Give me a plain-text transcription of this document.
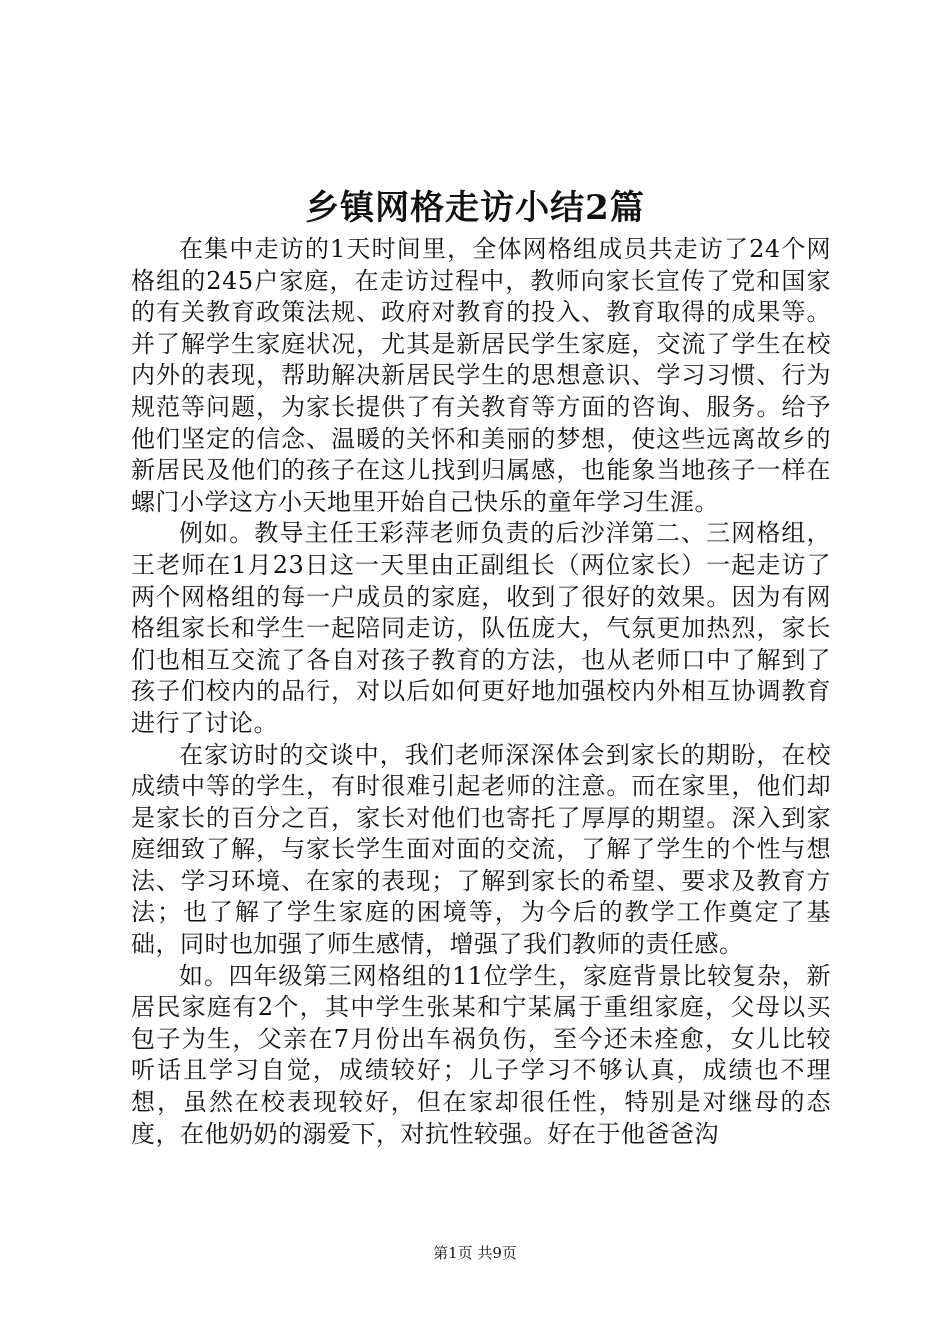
乡镇网格走访小结2篇

在集中走访的1天时间里，全体网格组成员共走访了24个网格组的245户家庭，在走访过程中，教师向家长宣传了党和国家的有关教育政策法规、政府对教育的投入、教育取得的成果等。并了解学生家庭状况，尤其是新居民学生家庭，交流了学生在校内外的表现，帮助解决新居民学生的思想意识、学习习惯、行为规范等问题，为家长提供了有关教育等方面的咨询、服务。给予他们坚定的信念、温暖的关怀和美丽的梦想，使这些远离故乡的新居民及他们的孩子在这儿找到归属感，也能象当地孩子一样在螺门小学这方小天地里开始自己快乐的童年学习生涯。

例如。教导主任王彩萍老师负责的后沙洋第二、三网格组，王老师在1月23日这一天里由正副组长（两位家长）一起走访了两个网格组的每一户成员的家庭，收到了很好的效果。因为有网格组家长和学生一起陪同走访，队伍庞大，气氛更加热烈，家长们也相互交流了各自对孩子教育的方法，也从老师口中了解到了孩子们校内的品行，对以后如何更好地加强校内外相互协调教育进行了讨论。

在家访时的交谈中，我们老师深深体会到家长的期盼，在校成绩中等的学生，有时很难引起老师的注意。而在家里，他们却是家长的百分之百，家长对他们也寄托了厚厚的期望。深入到家庭细致了解，与家长学生面对面的交流，了解了学生的个性与想法、学习环境、在家的表现；了解到家长的希望、要求及教育方法；也了解了学生家庭的困境等，为今后的教学工作奠定了基础，同时也加强了师生感情，增强了我们教师的责任感。

如。四年级第三网格组的11位学生，家庭背景比较复杂，新居民家庭有2个，其中学生张某和宁某属于重组家庭，父母以买包子为生，父亲在7月份出车祸负伤，至今还未痊愈，女儿比较听话且学习自觉，成绩较好；儿子学习不够认真，成绩也不理想，虽然在校表现较好，但在家却很任性，特别是对继母的态度，在他奶奶的溺爱下，对抗性较强。好在于他爸爸沟

第1页 共9页
